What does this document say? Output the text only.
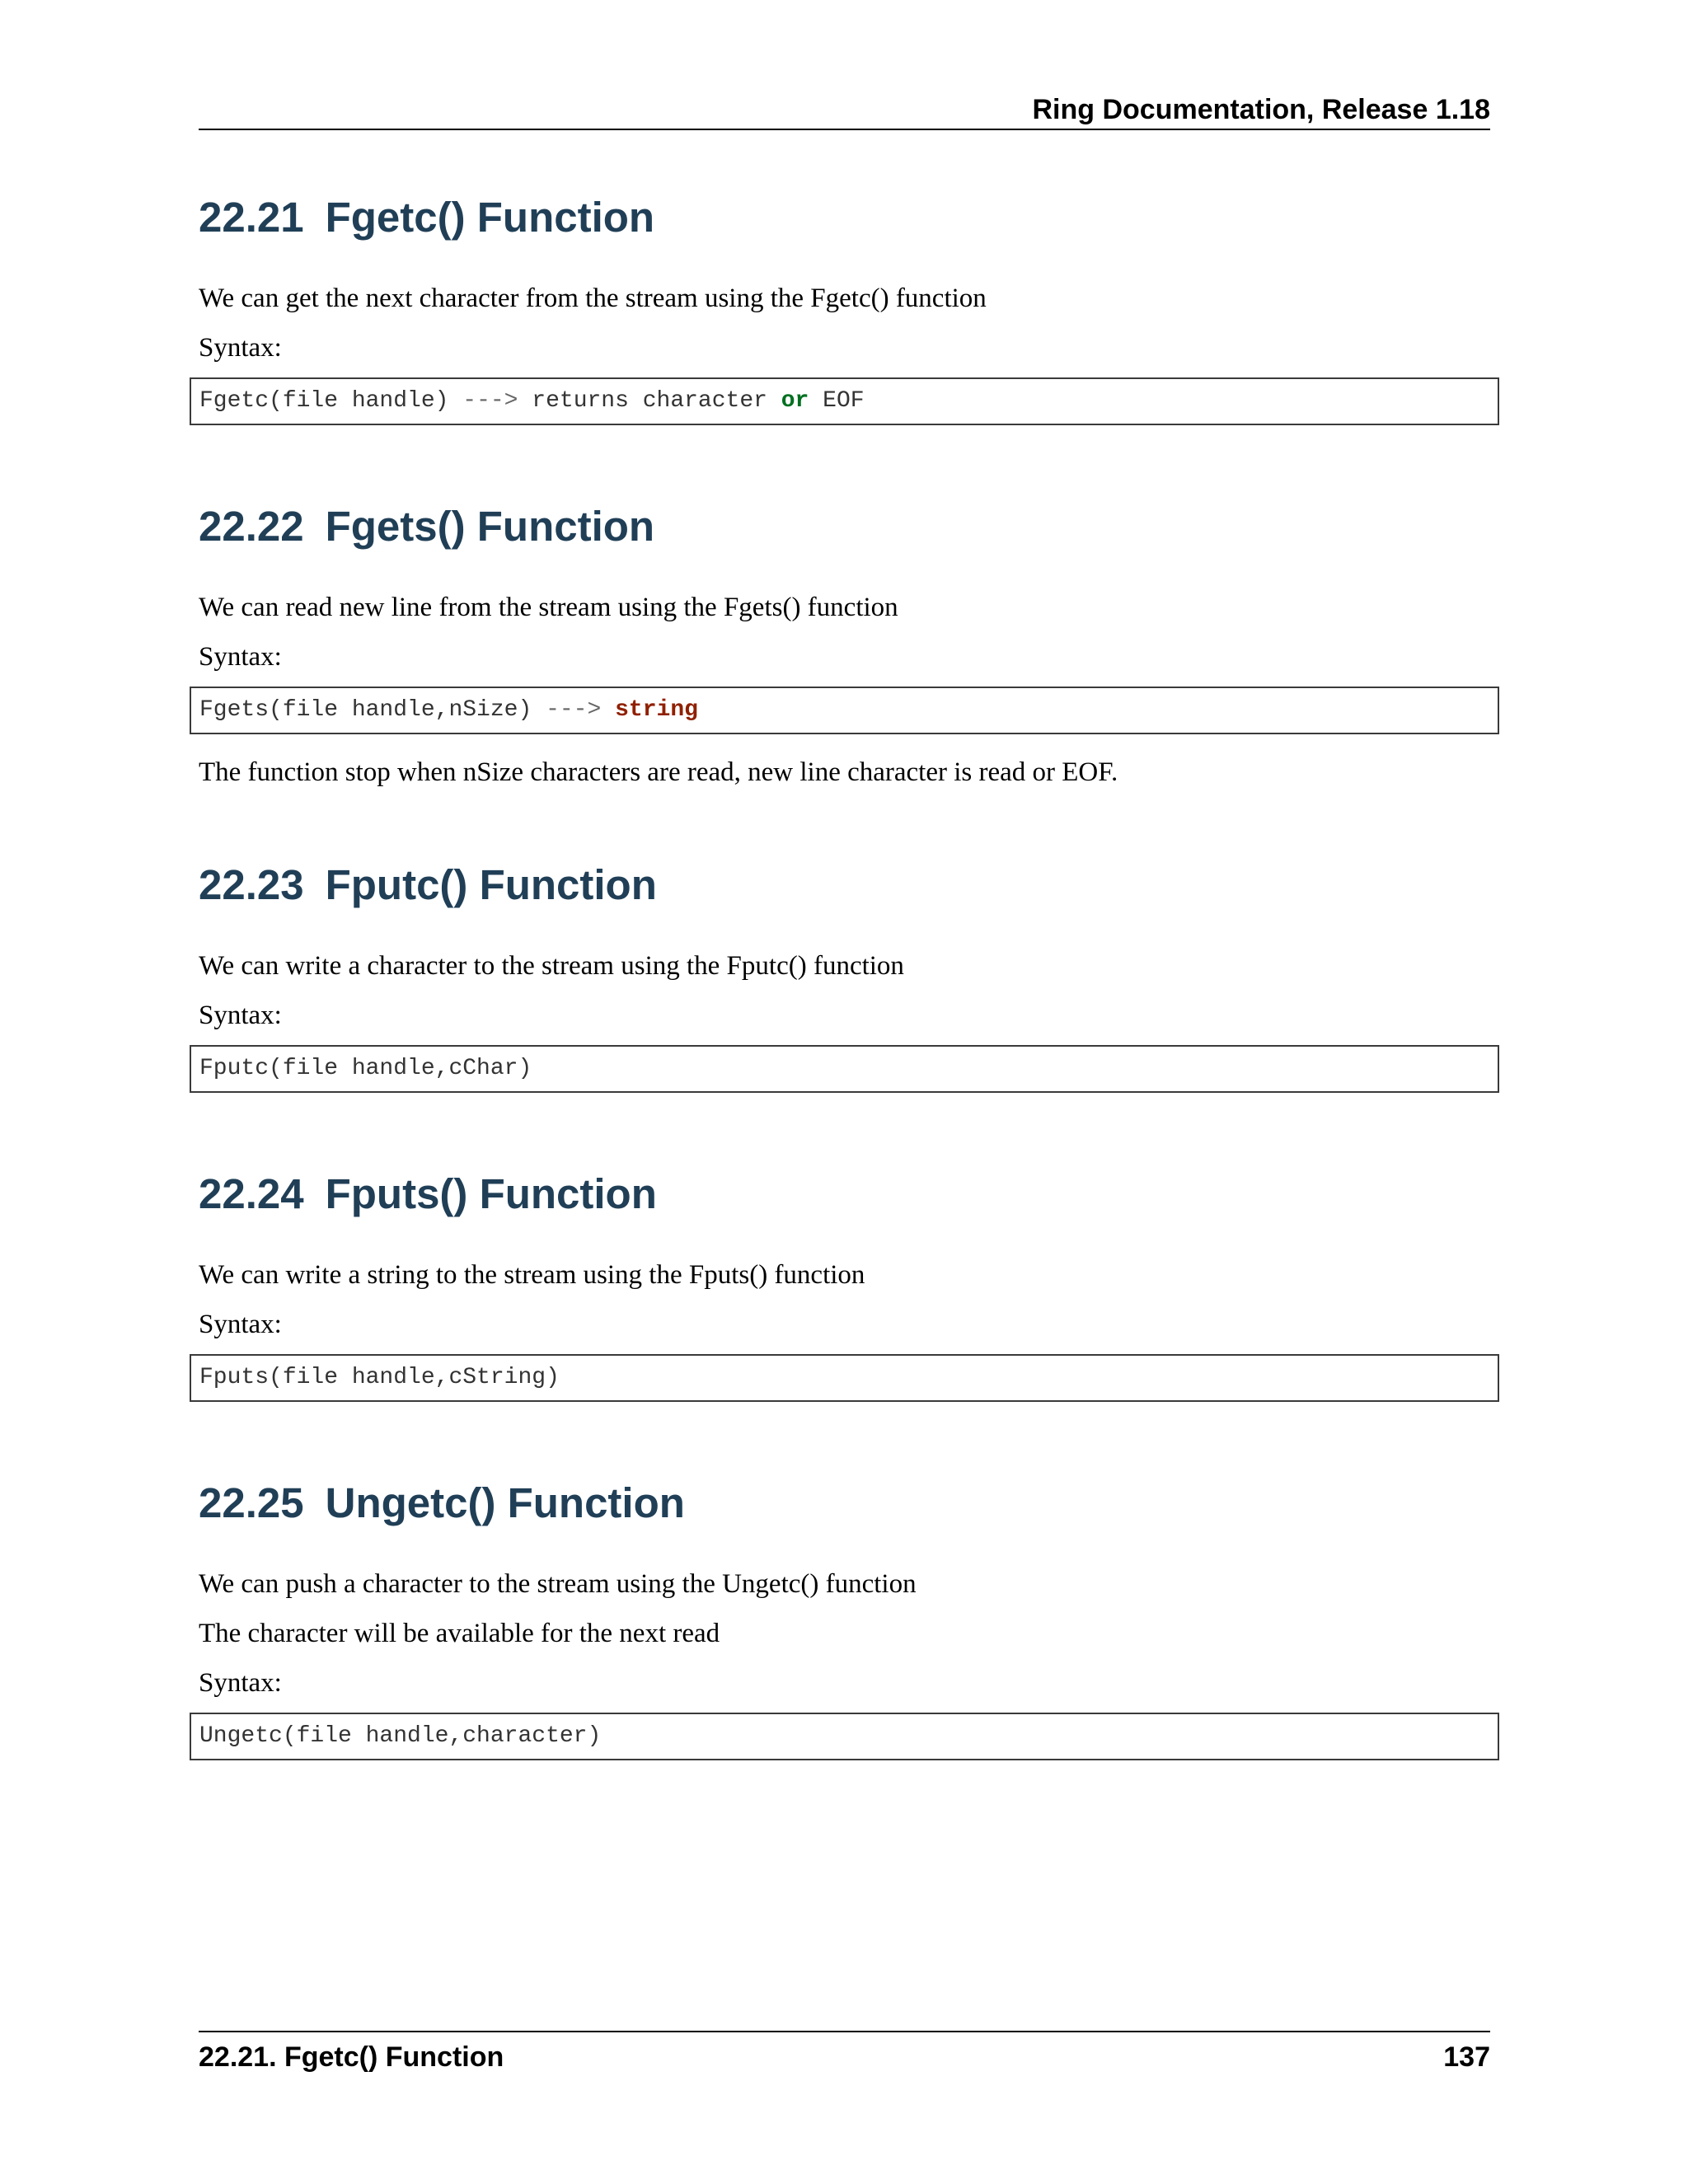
Ring Documentation, Release 1.18
22.21 Fgetc() Function

We can get the next character from the stream using the Fgetc() function

Syntax:

Fgetc(file handle) ---> returns character or EOF
22.22 Fgets() Function

We can read new line from the stream using the Fgets() function

Syntax:

Fgets(file handle,nSize) ---> string

The function stop when nSize characters are read, new line character is read or EOF.

22.23 Fputc() Function

We can write a character to the stream using the Fputc() function

Syntax:

Fputc(file handle,cChar)
22.24 Fputs() Function

We can write a string to the stream using the Fputs() function

Syntax:

Fputs(file handle,cString)
22.25 Ungetc() Function

We can push a character to the stream using the Ungetc() function

The character will be available for the next read

Syntax:

Ungetc(file handle,character)
22.21. Fgetc() Function	137
